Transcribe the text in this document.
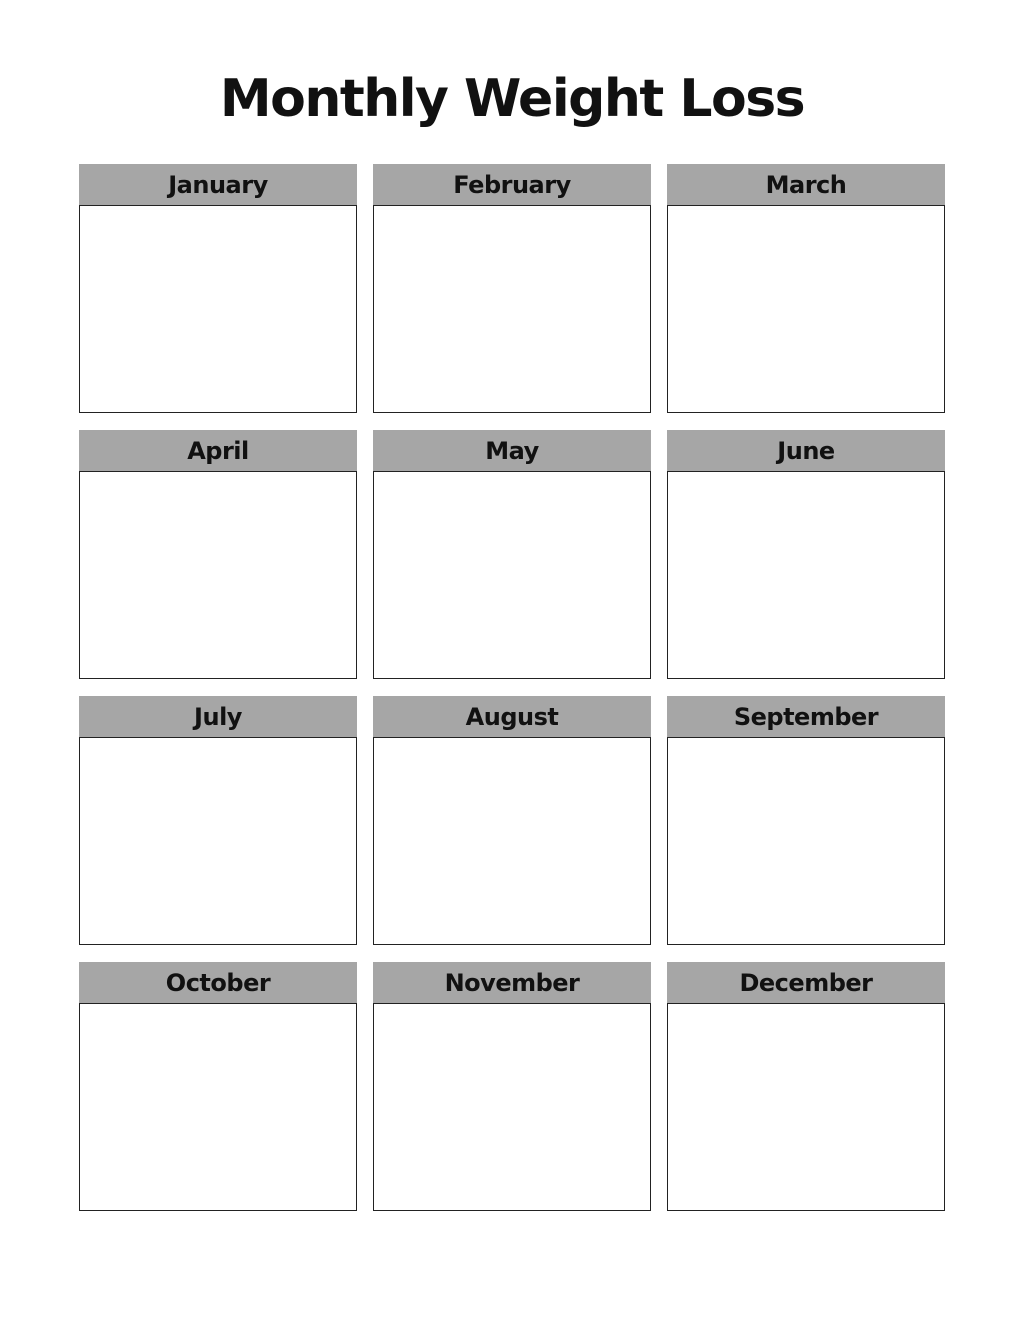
Monthly Weight Loss
January	February	March
April	May	June
July	August	September
October	November	December
